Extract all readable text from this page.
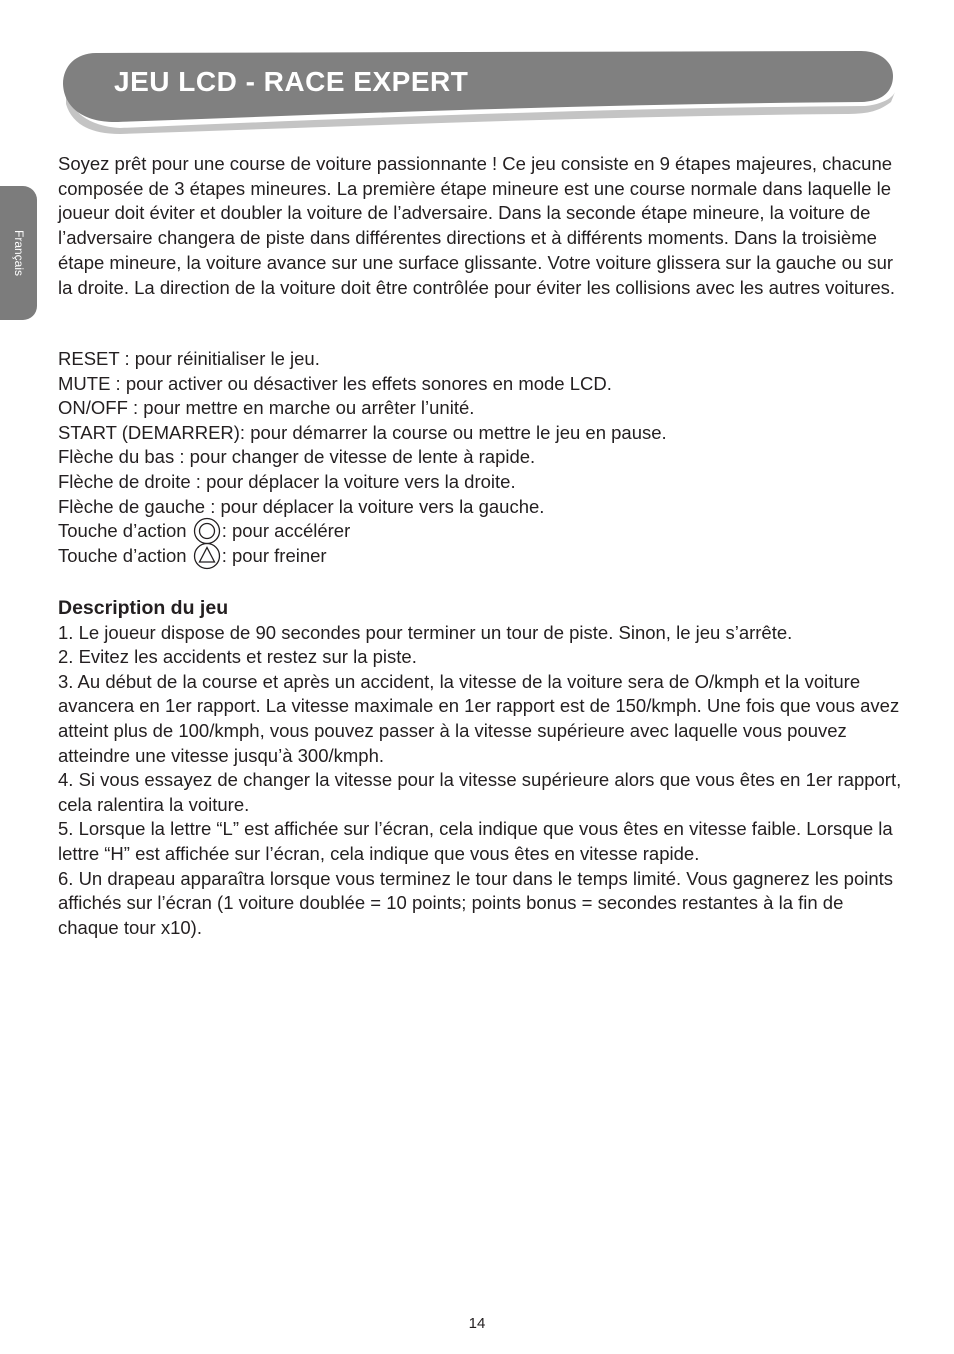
JEU LCD - RACE EXPERT
Français

Soyez prêt pour une course de voiture passionnante ! Ce jeu consiste en 9 étapes majeures, chacune composée de 3 étapes mineures. La première étape mineure est une course normale dans laquelle le joueur doit éviter et doubler la voiture de l’adversaire. Dans la seconde étape mineure, la voiture de l’adversaire changera de piste dans différentes directions et à différents moments. Dans la troisième étape mineure, la voiture avance sur une surface glissante. Votre voiture glissera sur la gauche ou sur la droite. La direction de la voiture doit être contrôlée pour éviter les collisions avec les autres voitures.

RESET : pour réinitialiser le jeu.
MUTE : pour activer ou désactiver les effets sonores en mode LCD.
ON/OFF : pour mettre en marche ou arrêter l’unité.
START (DEMARRER): pour démarrer la course ou mettre le jeu en pause.
Flèche du bas : pour changer de vitesse de lente à rapide.
Flèche de droite : pour déplacer la voiture vers la droite.
Flèche de gauche : pour déplacer la voiture vers la gauche.
Touche d’action : pour accélérer
Touche d’action : pour freiner
Description du jeu

1. Le joueur dispose de 90 secondes pour terminer un tour de piste. Sinon, le jeu s’arrête.

2. Evitez les accidents et restez sur la piste.

3. Au début de la course et après un accident, la vitesse de la voiture sera de O/kmph et la voiture avancera en 1er rapport. La vitesse maximale en 1er rapport est de 150/kmph. Une fois que vous avez atteint plus de 100/kmph, vous pouvez passer à la vitesse supérieure avec laquelle vous pouvez atteindre une vitesse jusqu’à 300/kmph.

4. Si vous essayez de changer la vitesse pour la vitesse supérieure alors que vous êtes en 1er rapport, cela ralentira la voiture.

5. Lorsque la lettre “L” est affichée sur l’écran, cela indique que vous êtes en vitesse faible. Lorsque la lettre “H” est affichée sur l’écran, cela indique que vous êtes en vitesse rapide.

6. Un drapeau apparaîtra lorsque vous terminez le tour dans le temps limité. Vous gagnerez les points affichés sur l’écran (1 voiture doublée = 10 points; points bonus = secondes restantes à la fin de chaque tour x10).

14
